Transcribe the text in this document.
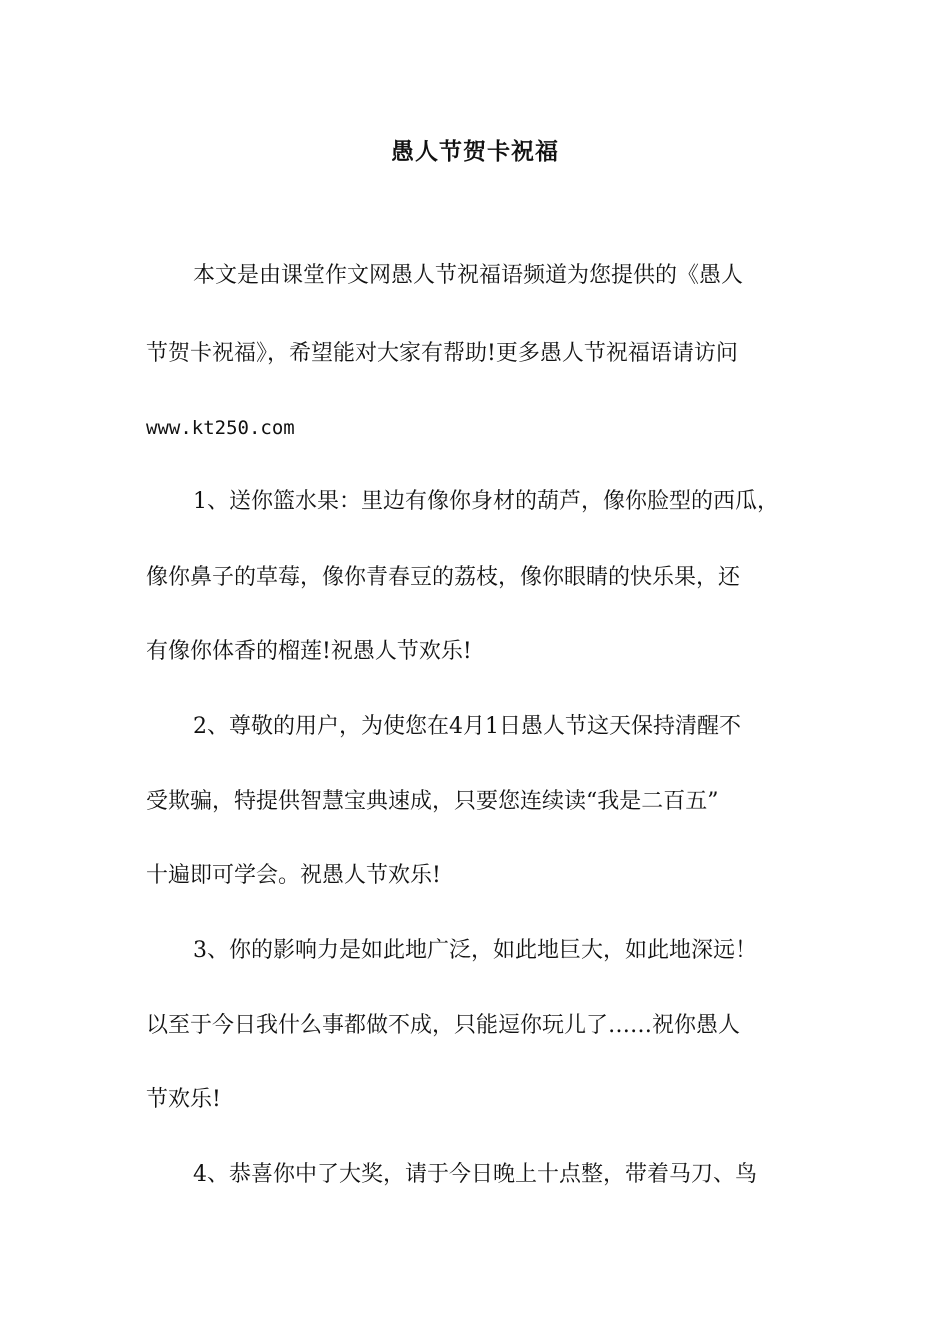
愚人节贺卡祝福
本文是由课堂作文网愚人节祝福语频道为您提供的《愚人
节贺卡祝福》，希望能对大家有帮助!更多愚人节祝福语请访问
www.kt250.com
1、送你篮水果：里边有像你身材的葫芦，像你脸型的西瓜，
像你鼻子的草莓，像你青春豆的荔枝，像你眼睛的快乐果，还
有像你体香的榴莲!祝愚人节欢乐!
2、尊敬的用户，为使您在4月1日愚人节这天保持清醒不
受欺骗，特提供智慧宝典速成，只要您连续读“我是二百五”
十遍即可学会。祝愚人节欢乐!
3、你的影响力是如此地广泛，如此地巨大，如此地深远！
以至于今日我什么事都做不成，只能逗你玩儿了……祝你愚人
节欢乐!
4、恭喜你中了大奖，请于今日晚上十点整，带着马刀、鸟
